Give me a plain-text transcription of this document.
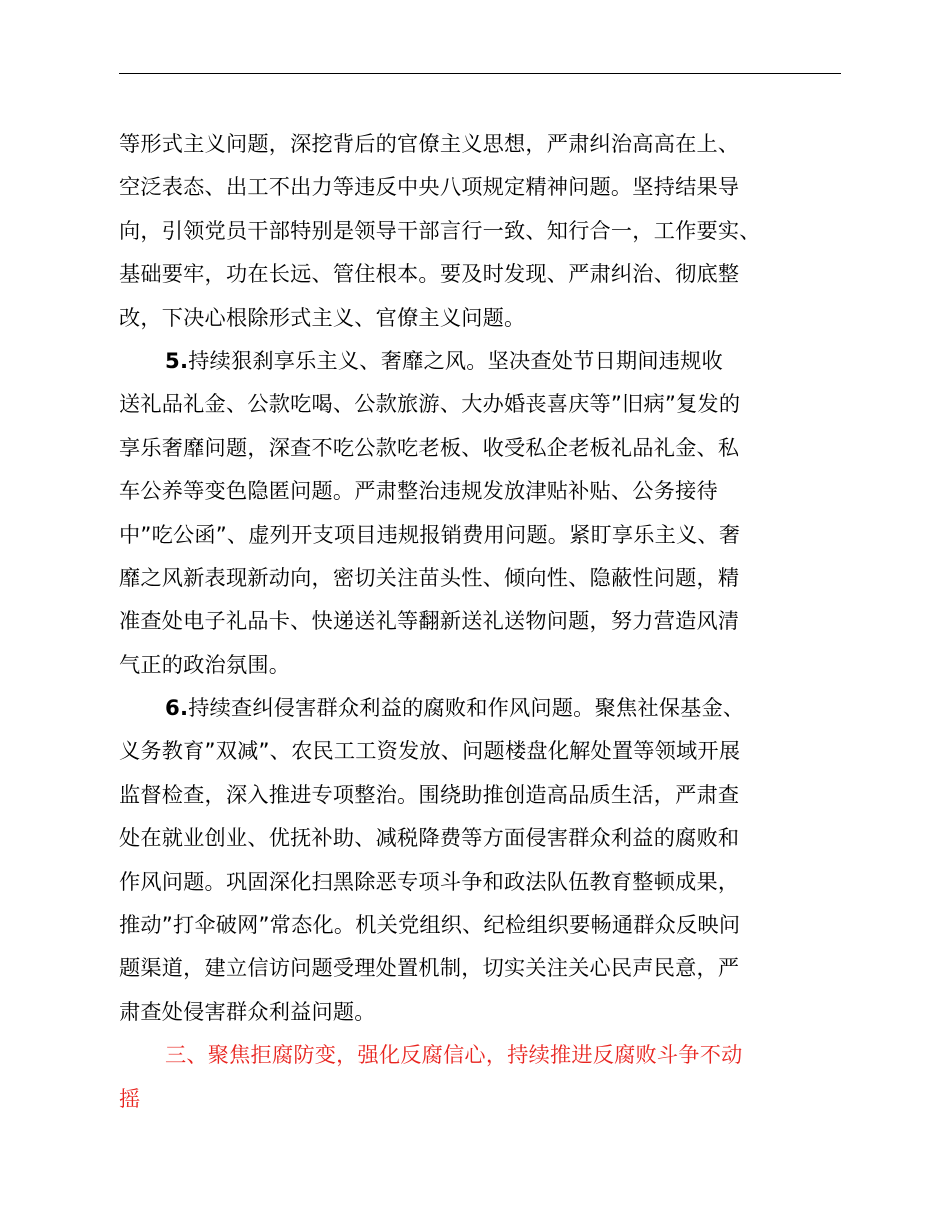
等形式主义问题，深挖背后的官僚主义思想，严肃纠治高高在上、
空泛表态、出工不出力等违反中央八项规定精神问题。坚持结果导
向，引领党员干部特别是领导干部言行一致、知行合一，工作要实、
基础要牢，功在长远、管住根本。要及时发现、严肃纠治、彻底整
改，下决心根除形式主义、官僚主义问题。
5.持续狠刹享乐主义、奢靡之风。坚决查处节日期间违规收
送礼品礼金、公款吃喝、公款旅游、大办婚丧喜庆等”旧病”复发的
享乐奢靡问题，深查不吃公款吃老板、收受私企老板礼品礼金、私
车公养等变色隐匿问题。严肃整治违规发放津贴补贴、公务接待
中”吃公函”、虚列开支项目违规报销费用问题。紧盯享乐主义、奢
靡之风新表现新动向，密切关注苗头性、倾向性、隐蔽性问题，精
准查处电子礼品卡、快递送礼等翻新送礼送物问题，努力营造风清
气正的政治氛围。
6.持续查纠侵害群众利益的腐败和作风问题。聚焦社保基金、
义务教育”双减”、农民工工资发放、问题楼盘化解处置等领域开展
监督检查，深入推进专项整治。围绕助推创造高品质生活，严肃查
处在就业创业、优抚补助、减税降费等方面侵害群众利益的腐败和
作风问题。巩固深化扫黑除恶专项斗争和政法队伍教育整顿成果，
推动”打伞破网”常态化。机关党组织、纪检组织要畅通群众反映问
题渠道，建立信访问题受理处置机制，切实关注关心民声民意，严
肃查处侵害群众利益问题。
三、聚焦拒腐防变，强化反腐信心，持续推进反腐败斗争不动
摇
